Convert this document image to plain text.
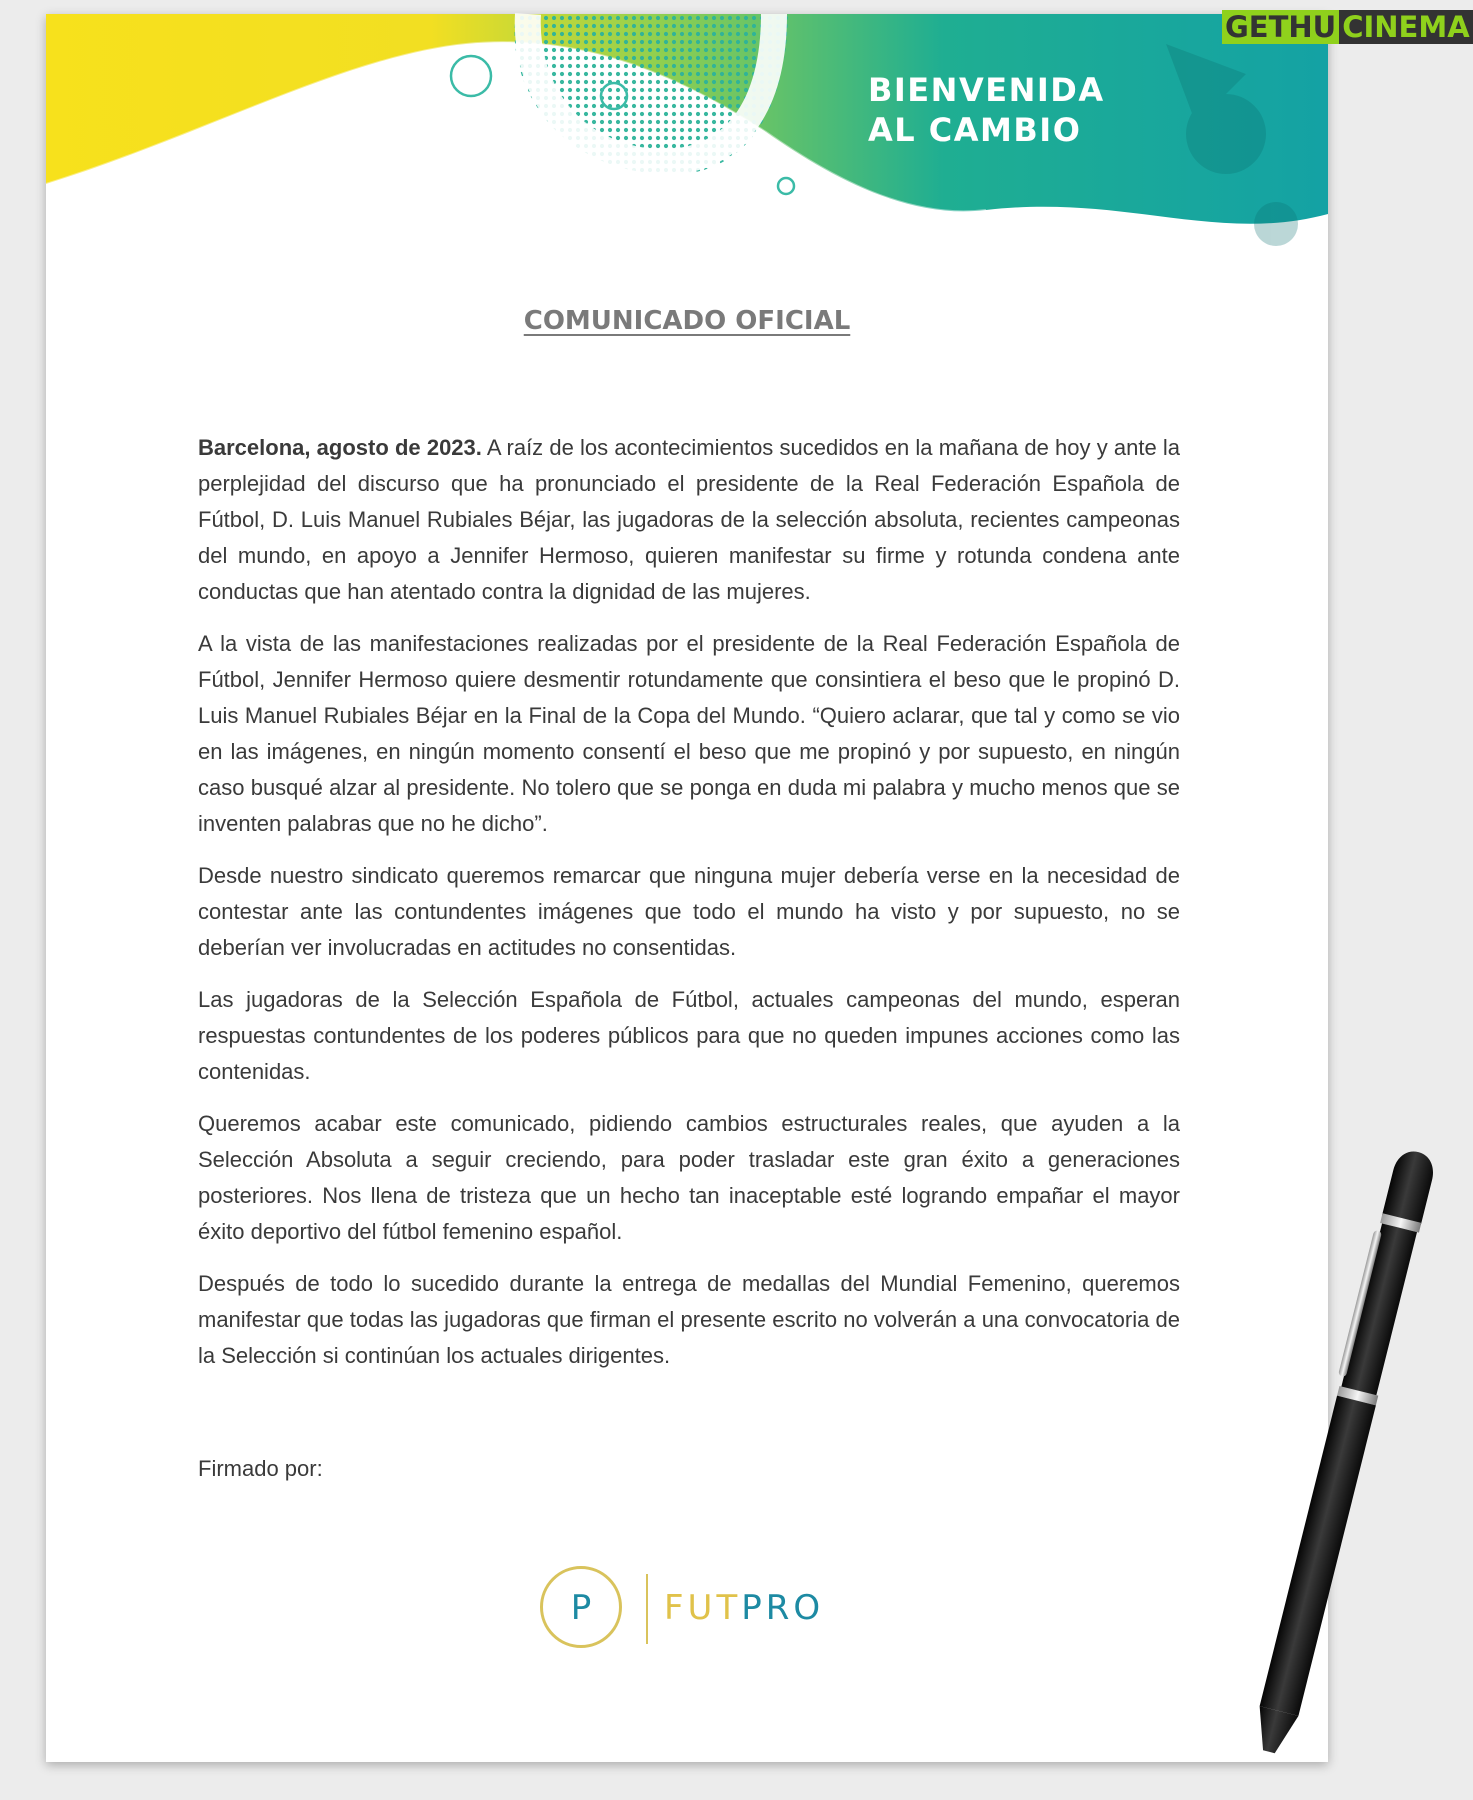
BIENVENIDA
AL CAMBIO
COMUNICADO OFICIAL

Barcelona, agosto de 2023. A raíz de los acontecimientos sucedidos en la mañana de hoy y ante la perplejidad del discurso que ha pronunciado el presidente de la Real Federación Española de Fútbol, D. Luis Manuel Rubiales Béjar, las jugadoras de la selección absoluta, recientes campeonas del mundo, en apoyo a Jennifer Hermoso, quieren manifestar su firme y rotunda condena ante conductas que han atentado contra la dignidad de las mujeres.

A la vista de las manifestaciones realizadas por el presidente de la Real Federación Española de Fútbol, Jennifer Hermoso quiere desmentir rotundamente que consintiera el beso que le propinó D. Luis Manuel Rubiales Béjar en la Final de la Copa del Mundo. “Quiero aclarar, que tal y como se vio en las imágenes, en ningún momento consentí el beso que me propinó y por supuesto, en ningún caso busqué alzar al presidente. No tolero que se ponga en duda mi palabra y mucho menos que se inventen palabras que no he dicho”.

Desde nuestro sindicato queremos remarcar que ninguna mujer debería verse en la necesidad de contestar ante las contundentes imágenes que todo el mundo ha visto y por supuesto, no se deberían ver involucradas en actitudes no consentidas.

Las jugadoras de la Selección Española de Fútbol, actuales campeonas del mundo, esperan respuestas contundentes de los poderes públicos para que no queden impunes acciones como las contenidas.

Queremos acabar este comunicado, pidiendo cambios estructurales reales, que ayuden a la Selección Absoluta a seguir creciendo, para poder trasladar este gran éxito a generaciones posteriores. Nos llena de tristeza que un hecho tan inaceptable esté logrando empañar el mayor éxito deportivo del fútbol femenino español.

Después de todo lo sucedido durante la entrega de medallas del Mundial Femenino, queremos manifestar que todas las jugadoras que firman el presente escrito no volverán a una convocatoria de la Selección si continúan los actuales dirigentes.

Firmado por:
P FUTPRO
GETHU CINEMA
